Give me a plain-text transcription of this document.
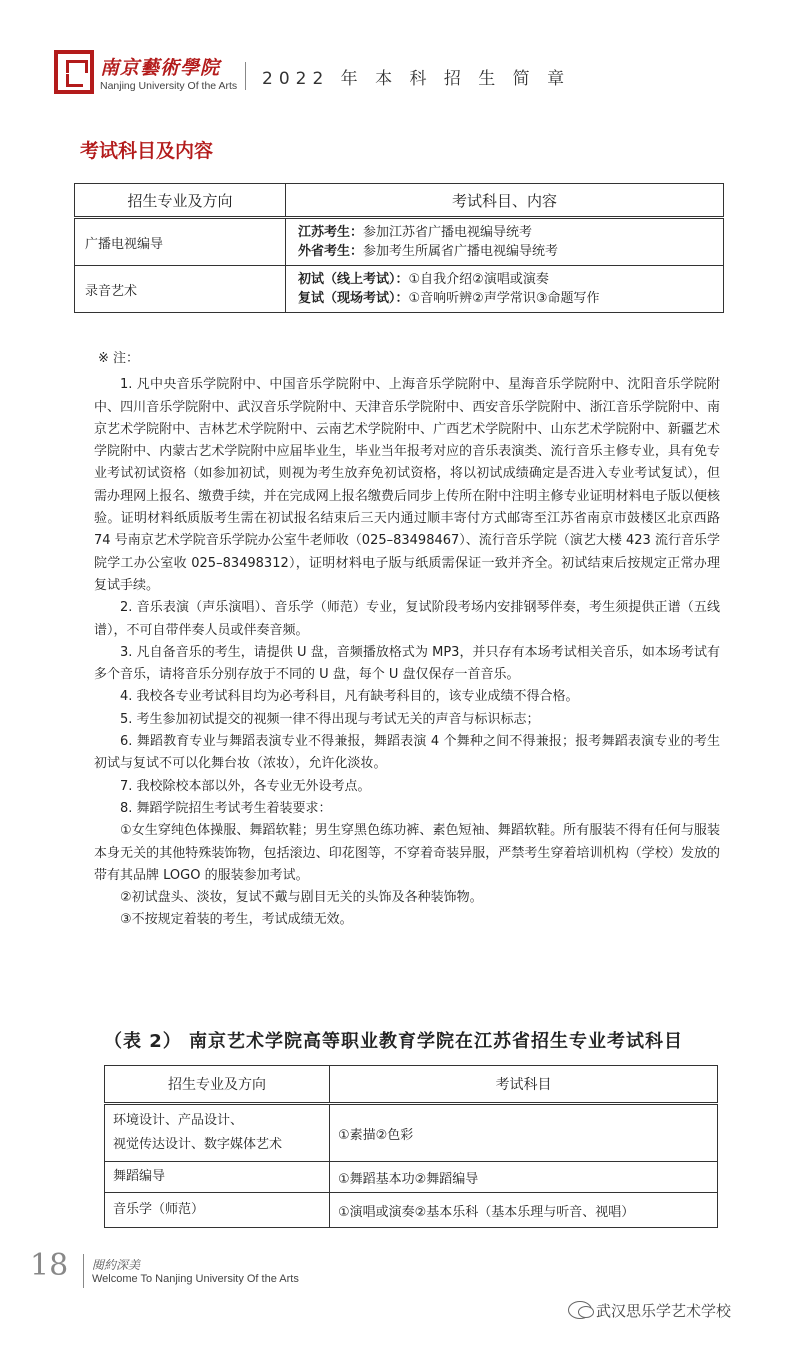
南京藝術學院
Nanjing University Of the Arts 2022 年 本 科 招 生 简 章
考试科目及内容
招生专业及方向	考试科目、内容
广播电视编导	江苏考生：参加江苏省广播电视编导统考
外省考生：参加考生所属省广播电视编导统考

录音艺术	初试（线上考试）：①自我介绍②演唱或演奏
复试（现场考试）：①音响听辨②声学常识③命题写作
※ 注：

1. 凡中央音乐学院附中、中国音乐学院附中、上海音乐学院附中、星海音乐学院附中、沈阳音乐学院附中、四川音乐学院附中、武汉音乐学院附中、天津音乐学院附中、西安音乐学院附中、浙江音乐学院附中、南京艺术学院附中、吉林艺术学院附中、云南艺术学院附中、广西艺术学院附中、山东艺术学院附中、新疆艺术学院附中、内蒙古艺术学院附中应届毕业生，毕业当年报考对应的音乐表演类、流行音乐主修专业，具有免专业考试初试资格（如参加初试，则视为考生放弃免初试资格，将以初试成绩确定是否进入专业考试复试），但需办理网上报名、缴费手续，并在完成网上报名缴费后同步上传所在附中注明主修专业证明材料电子版以便核验。证明材料纸质版考生需在初试报名结束后三天内通过顺丰寄付方式邮寄至江苏省南京市鼓楼区北京西路 74 号南京艺术学院音乐学院办公室牛老师收（025–83498467）、流行音乐学院（演艺大楼 423 流行音乐学院学工办公室收 025–83498312），证明材料电子版与纸质需保证一致并齐全。初试结束后按规定正常办理复试手续。

2. 音乐表演（声乐演唱）、音乐学（师范）专业，复试阶段考场内安排钢琴伴奏，考生须提供正谱（五线谱），不可自带伴奏人员或伴奏音频。

3. 凡自备音乐的考生，请提供 U 盘，音频播放格式为 MP3，并只存有本场考试相关音乐，如本场考试有多个音乐，请将音乐分别存放于不同的 U 盘，每个 U 盘仅保存一首音乐。

4. 我校各专业考试科目均为必考科目，凡有缺考科目的，该专业成绩不得合格。

5. 考生参加初试提交的视频一律不得出现与考试无关的声音与标识标志；

6. 舞蹈教育专业与舞蹈表演专业不得兼报，舞蹈表演 4 个舞种之间不得兼报；报考舞蹈表演专业的考生初试与复试不可以化舞台妆（浓妆），允许化淡妆。

7. 我校除校本部以外，各专业无外设考点。

8. 舞蹈学院招生考试考生着装要求：

①女生穿纯色体操服、舞蹈软鞋；男生穿黑色练功裤、素色短袖、舞蹈软鞋。所有服装不得有任何与服装本身无关的其他特殊装饰物，包括滚边、印花图等，不穿着奇装异服，严禁考生穿着培训机构（学校）发放的带有其品牌 LOGO 的服装参加考试。

②初试盘头、淡妆，复试不戴与剧目无关的头饰及各种装饰物。

③不按规定着装的考生，考试成绩无效。

（表 2） 南京艺术学院高等职业教育学院在江苏省招生专业考试科目
招生专业及方向	考试科目

环境设计、产品设计、
视觉传达设计、数字媒体艺术	①素描②色彩
舞蹈编导	①舞蹈基本功②舞蹈编导
音乐学（师范）	①演唱或演奏②基本乐科（基本乐理与听音、视唱）
18 閱約深美
Welcome To Nanjing University Of the Arts
武汉思乐学艺术学校
